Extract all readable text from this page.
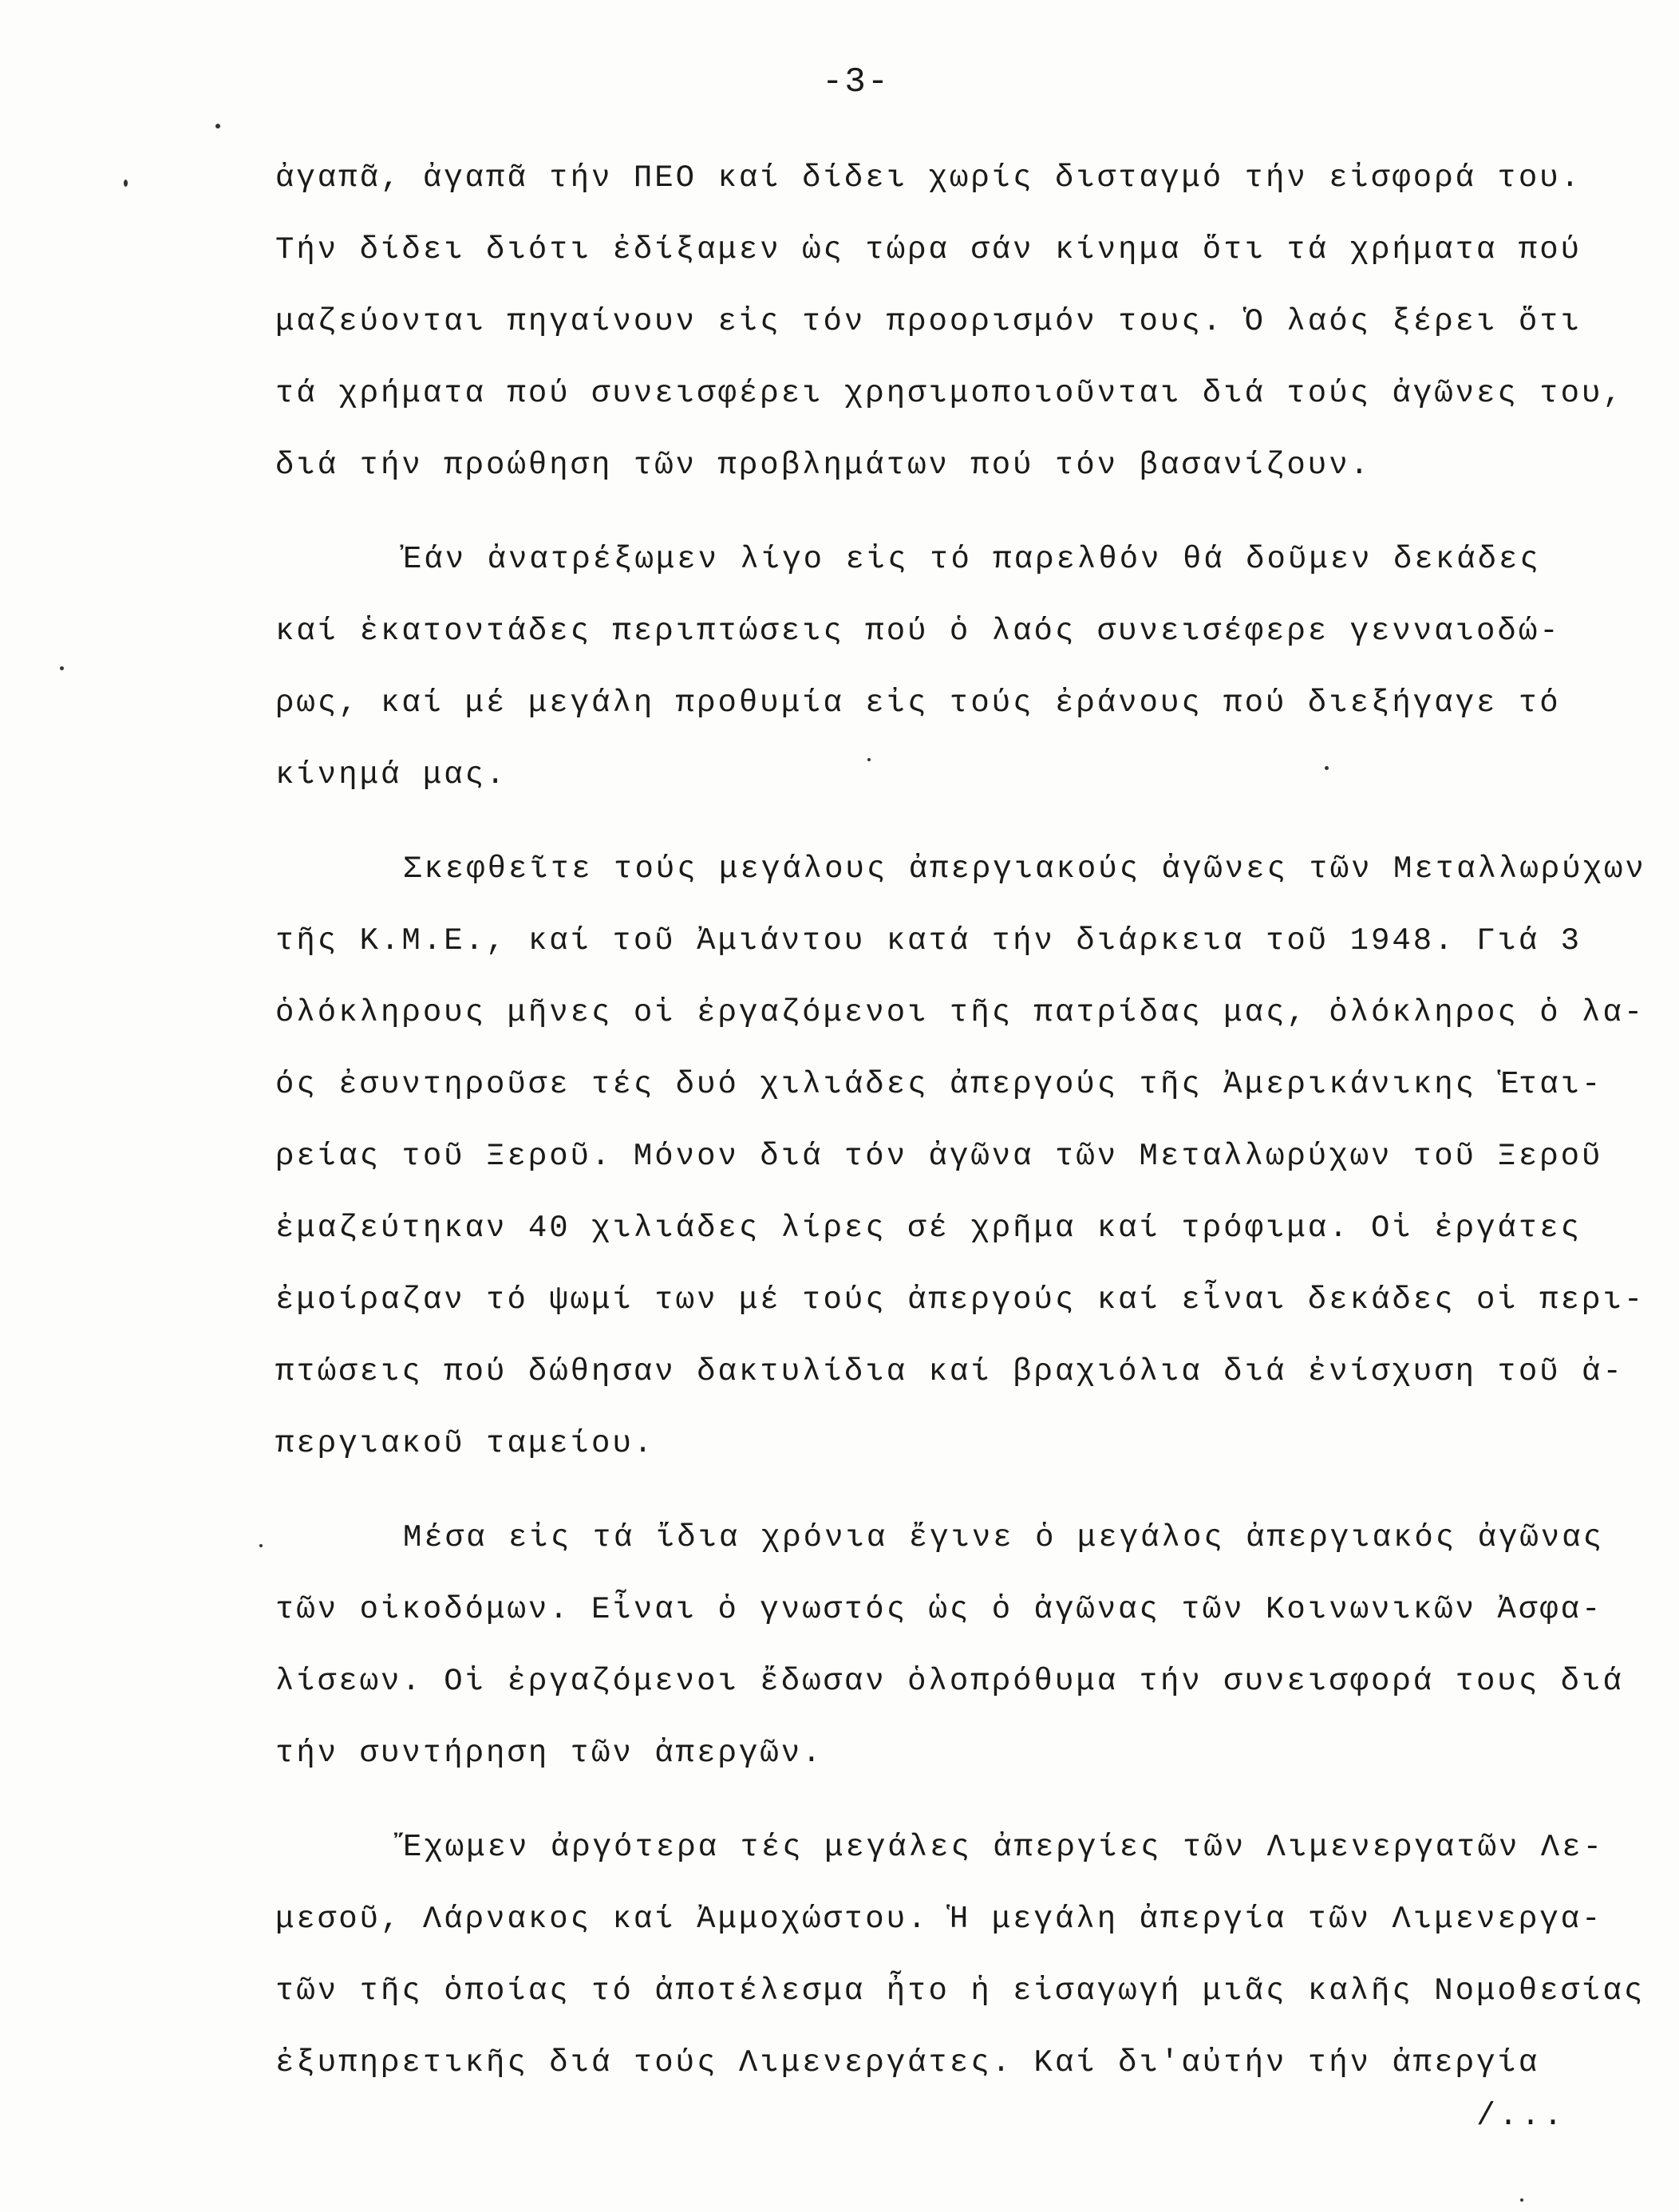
-3-
ἀγαπᾶ, ἀγαπᾶ τήν ΠΕΟ καί δίδει χωρίς δισταγμό τήν εἰσφορά του.
Τήν δίδει διότι ἐδίξαμεν ὡς τώρα σάν κίνημα ὅτι τά χρήματα πού
μαζεύονται πηγαίνουν εἰς τόν προορισμόν τους. Ὁ λαός ξέρει ὅτι
τά χρήματα πού συνεισφέρει χρησιμοποιοῦνται διά τούς ἀγῶνες του,
διά τήν προώθηση τῶν προβλημάτων πού τόν βασανίζουν.
Ἐάν ἀνατρέξωμεν λίγο εἰς τό παρελθόν θά δοῦμεν δεκάδες
καί ἑκατοντάδες περιπτώσεις πού ὁ λαός συνεισέφερε γενναιοδώ-
ρως, καί μέ μεγάλη προθυμία εἰς τούς ἐράνους πού διεξήγαγε τό
κίνημά μας.
Σκεφθεῖτε τούς μεγάλους ἀπεργιακούς ἀγῶνες τῶν Μεταλλωρύχων
τῆς Κ.Μ.Ε., καί τοῦ Ἀμιάντου κατά τήν διάρκεια τοῦ 1948. Γιά 3
ὁλόκληρους μῆνες οἱ ἐργαζόμενοι τῆς πατρίδας μας, ὁλόκληρος ὁ λα-
ός ἐσυντηροῦσε τές δυό χιλιάδες ἀπεργούς τῆς Ἀμερικάνικης Ἑται-
ρείας τοῦ Ξεροῦ. Μόνον διά τόν ἀγῶνα τῶν Μεταλλωρύχων τοῦ Ξεροῦ
ἐμαζεύτηκαν 40 χιλιάδες λίρες σέ χρῆμα καί τρόφιμα. Οἱ ἐργάτες
ἐμοίραζαν τό ψωμί των μέ τούς ἀπεργούς καί εἶναι δεκάδες οἱ περι-
πτώσεις πού δώθησαν δακτυλίδια καί βραχιόλια διά ἐνίσχυση τοῦ ἀ-
περγιακοῦ ταμείου.
Μέσα εἰς τά ἴδια χρόνια ἔγινε ὁ μεγάλος ἀπεργιακός ἀγῶνας
τῶν οἰκοδόμων. Εἶναι ὁ γνωστός ὡς ὁ ἀγῶνας τῶν Κοινωνικῶν Ἀσφα-
λίσεων. Οἱ ἐργαζόμενοι ἔδωσαν ὁλοπρόθυμα τήν συνεισφορά τους διά
τήν συντήρηση τῶν ἀπεργῶν.
Ἔχωμεν ἀργότερα τές μεγάλες ἀπεργίες τῶν Λιμενεργατῶν Λε-
μεσοῦ, Λάρνακος καί Ἀμμοχώστου. Ἡ μεγάλη ἀπεργία τῶν Λιμενεργα-
τῶν τῆς ὁποίας τό ἀποτέλεσμα ἦτο ἡ εἰσαγωγή μιᾶς καλῆς Νομοθεσίας
ἐξυπηρετικῆς διά τούς Λιμενεργάτες. Καί δι'αὐτήν τήν ἀπεργία
/...
